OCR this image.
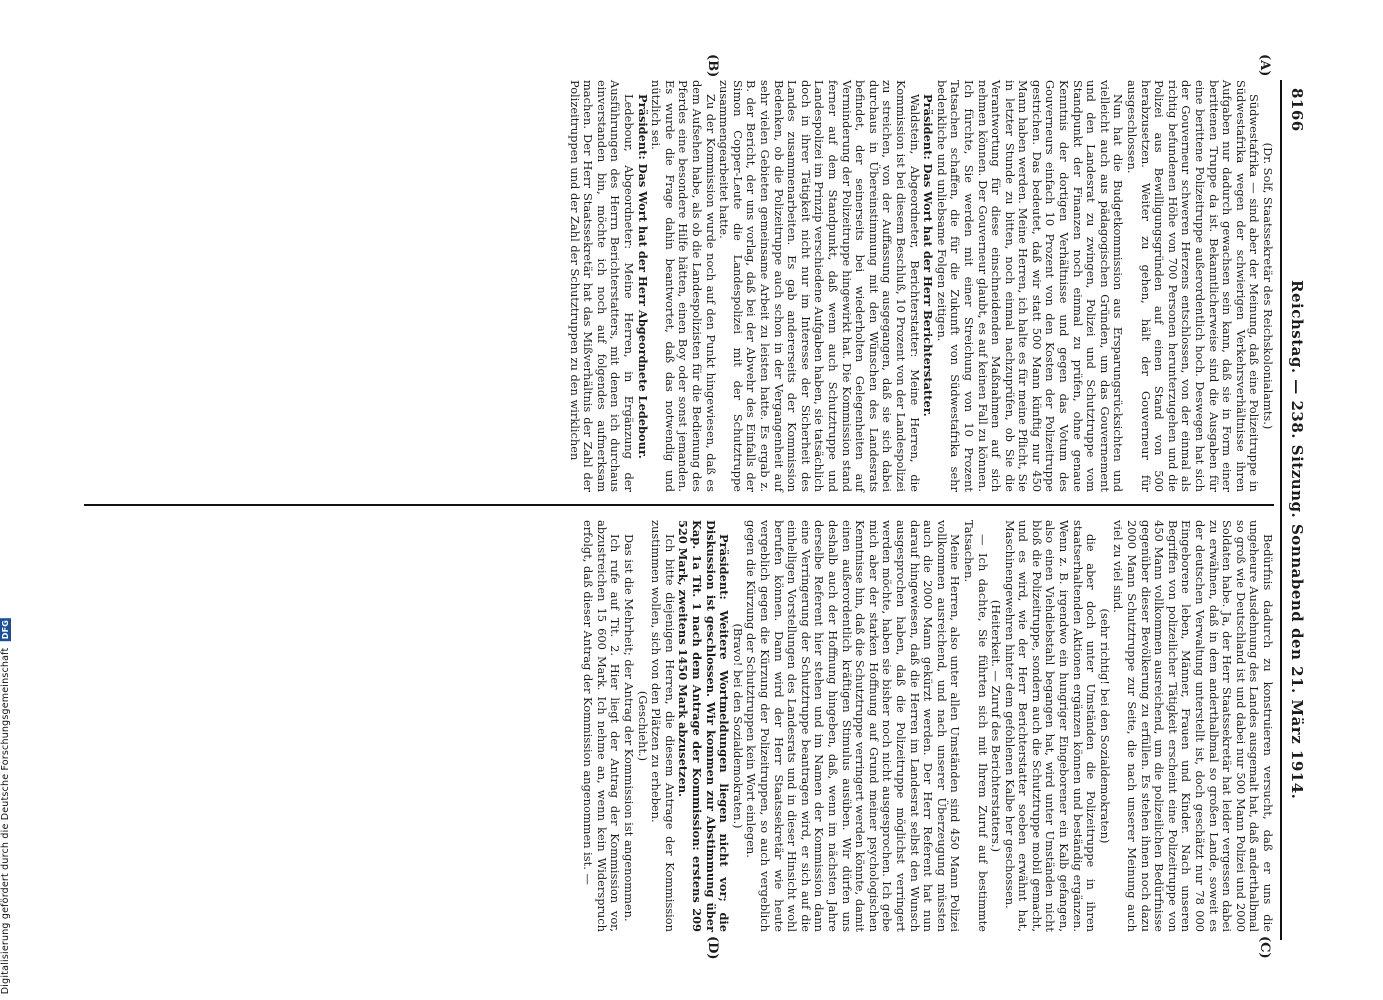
8166
Reichstag. — 238. Sitzung. Sonnabend den 21. März 1914.
(A)
(B)
(C)
(D)

(Dr. Solf, Staatssekretär des Reichskolonialamts.)

Südwestafrika — sind aber der Meinung, daß eine Polizeitruppe in Südwestafrika wegen der schwierigen Verkehrsverhältnisse ihren Aufgaben nur dadurch gewachsen sein kann, daß sie in Form einer berittenen Truppe da ist. Bekanntlicherweise sind die Ausgaben für eine berittene Polizeitruppe außerordentlich hoch. Deswegen hat sich der Gouverneur schweren Herzens entschlossen, von der einmal als richtig befundenen Höhe von 700 Personen herunterzugehen und die Polizei aus Bewilligungsgründen auf einen Stand von 500 herabzusetzen. Weiter zu gehen, hält der Gouverneur für ausgeschlossen.

Nun hat die Budgetkommission aus Ersparungsrücksichten und vielleicht auch aus pädagogischen Gründen, um das Gouvernement und den Landesrat zu zwingen, Polizei und Schutztruppe vom Standpunkt der Finanzen noch einmal zu prüfen, ohne genaue Kenntnis der dortigen Verhältnisse und gegen das Votum des Gouverneurs einfach 10 Prozent von den Kosten der Polizeitruppe gestrichen. Das bedeutet, daß wir statt 500 Mann künftig nur 450 Mann haben werden. Meine Herren, ich halte es für meine Pflicht, Sie in letzter Stunde zu bitten, noch einmal nachzuprüfen, ob Sie die Verantwortung für diese einschneidenden Maßnahmen auf sich nehmen können. Der Gouverneur glaubt, es auf keinen Fall zu können. Ich fürchte, Sie werden mit einer Streichung von 10 Prozent Tatsachen schaffen, die für die Zukunft von Südwestafrika sehr bedenkliche und unliebsame Folgen zeitigen.

Präsident: Das Wort hat der Herr Berichterstatter.

Waldstein, Abgeordneter, Berichterstatter: Meine Herren, die Kommission ist bei diesem Beschluß, 10 Prozent von der Landespolizei zu streichen, von der Auffassung ausgegangen, daß sie sich dabei durchaus in Übereinstimmung mit den Wünschen des Landesrats befindet, der seinerseits bei wiederholten Gelegenheiten auf Verminderung der Polizeitruppe hingewirkt hat. Die Kommission stand ferner auf dem Standpunkt, daß wenn auch Schutztruppe und Landespolizei im Prinzip verschiedene Aufgaben haben, sie tatsächlich doch in ihrer Tätigkeit nicht nur im Interesse der Sicherheit des Landes zusammenarbeiten. Es gab andererseits der Kommission Bedenken, ob die Polizeitruppe auch schon in der Vergangenheit auf sehr vielen Gebieten gemeinsame Arbeit zu leisten hatte. Es ergab z. B. der Bericht, der uns vorlag, daß bei der Abwehr des Einfalls der Simon Copper-Leute die Landespolizei mit der Schutztruppe zusammengearbeitet hatte.

Zu der Kommission wurde noch auf den Punkt hingewiesen, daß es dem Aufsehen habe, als ob die Landespolizisten für die Bedienung des Pferdes eine besondere Hilfe hätten, einen Boy oder sonst jemanden. Es wurde die Frage dahin beantwortet, daß das notwendig und nützlich sei.

Präsident: Das Wort hat der Herr Abgeordnete Ledebour.

Ledebour, Abgeordneter: Meine Herren, in Ergänzung der Ausführungen des Herrn Berichterstatters, mit denen ich durchaus einverstanden bin, möchte ich noch auf folgendes aufmerksam machen. Der Herr Staatssekretär hat das Mißverhältnis der Zahl der Polizeitruppen und der Zahl der Schutztruppen zu den wirklichen

Bedürfnis dadurch zu konstruieren versucht, daß er uns die ungeheure Ausdehnung des Landes ausgemalt hat, daß anderthalbmal so groß wie Deutschland ist und dabei nur 500 Mann Polizei und 2000 Soldaten habe. Ja, der Herr Staatssekretär hat leider vergessen dabei zu erwähnen, daß in dem anderthalbmal so großen Lande, soweit es der deutschen Verwaltung unterstellt ist, doch geschätzt nur 78 000 Eingeborene leben, Männer, Frauen und Kinder. Nach unseren Begriffen von polizeilicher Tätigkeit erscheint eine Polizeitruppe von 450 Mann vollkommen ausreichend, um die polizeilichen Bedürfnisse gegenüber dieser Bevölkerung zu erfüllen. Es stehen ihnen noch dazu 2000 Mann Schutztruppe zur Seite, die nach unserer Meinung auch viel zu viel sind.

(sehr richtig! bei den Sozialdemokraten)

die aber doch unter Umständen die Polizeitruppe in ihren staatserhaltenden Aktionen ergänzen können und beständig ergänzen. Wenn z. B. irgendwo ein hungriger Eingeborener ein Kalb gefangen, also einen Viehdiebstahl begangen hat, wird unter Umständen nicht bloß die Polizeitruppe, sondern auch die Schutztruppe mobil gemacht, und es wird, wie der Herr Berichterstatter soeben erwähnt hat, Maschinengewehren hinter dem gefohlenen Kalbe her geschossen.

(Heiterkeit. — Zuruf des Berichterstatters.)

— Ich dachte, Sie führten sich mit Ihrem Zuruf auf bestimmte Tatsachen.

Meine Herren, also unter allen Umständen sind 450 Mann Polizei vollkommen ausreichend, und nach unserer Überzeugung müssten auch die 2000 Mann gekürzt werden. Der Herr Referent hat nun darauf hingewiesen, daß die Herren im Landesrat selbst den Wunsch ausgesprochen haben, daß die Polizeitruppe möglichst verringert werden möchte, haben sie bisher noch nicht ausgesprochen. Ich gebe mich aber der starken Hoffnung auf Grund meiner psychologischen Kenntnisse hin, daß die Schutztruppe verringert werden könnte, damit einen außerordentlich kräftigen Stimulus ausüben. Wir dürfen uns deshalb auch der Hoffnung hingeben, daß, wenn im nächsten Jahre derselbe Referent hier stehen und im Namen der Kommission dann eine Verringerung der Schutztruppe beantragen wird, er sich auf die einhelligen Vorstellungen des Landesrats und in dieser Hinsicht wohl berufen können. Dann wird der Herr Staatssekretär wie heute vergeblich gegen die Kürzung der Polizeitruppen, so auch vergeblich gegen die Kürzung der Schutztruppen kein Wort einlegen.

(Bravo! bei den Sozialdemokraten.)

Präsident: Weitere Wortmeldungen liegen nicht vor; die Diskussion ist geschlossen. Wir kommen zur Abstimmung über Kap. 1a Tit. 1 nach dem Antrage der Kommission: erstens 209 520 Mark, zweitens 1450 Mark abzusetzen.

Ich bitte diejenigen Herren, die diesem Antrage der Kommission zustimmen wollen, sich von den Plätzen zu erheben.

(Geschieht.)

Das ist die Mehrheit; der Antrag der Kommission ist angenommen.

Ich rufe auf Tit. 2. Hier liegt der Antrag der Kommission vor, abzustreichen 15 600 Mark. Ich nehme an, wenn kein Widerspruch erfolgt, daß dieser Antrag der Kommission angenommen ist. —

Digitalisierung gefördert durch die Deutsche Forschungsgemeinschaft DFG
